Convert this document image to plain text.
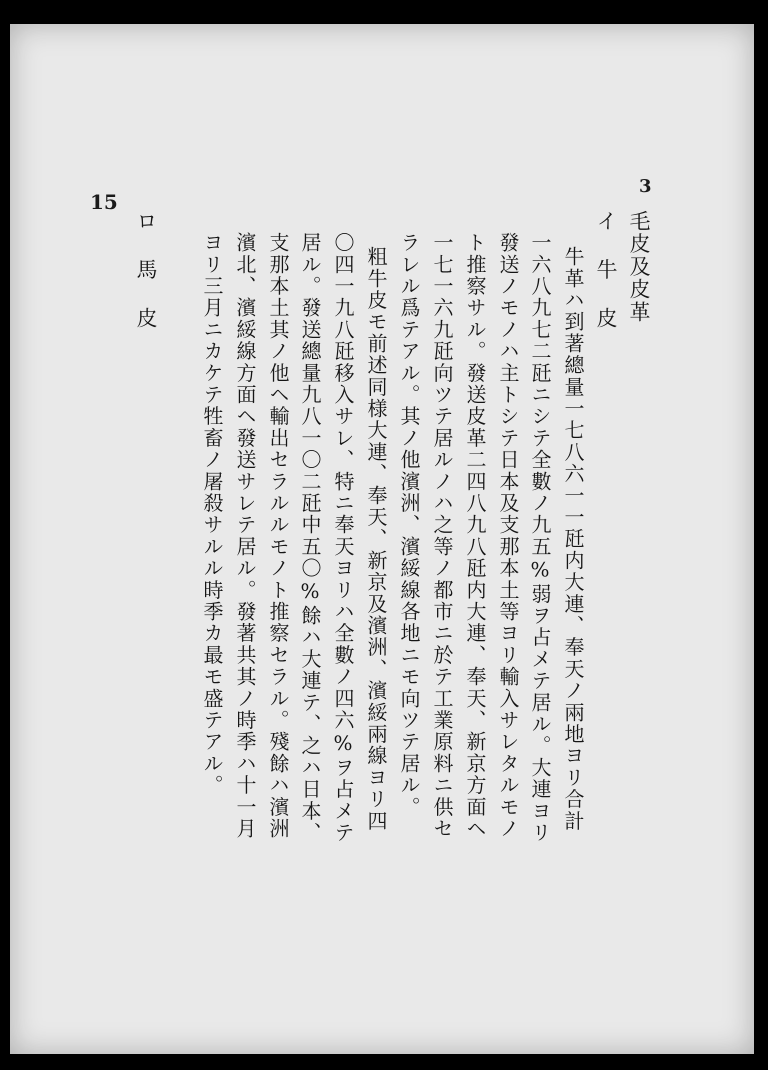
15
3
毛皮及皮革
イ 牛 皮
牛革ハ到著總量一七八六一一瓩内大連、奉天ノ兩地ヨリ合計
一六八九七二瓩ニシテ全數ノ九五%弱ヲ占メテ居ル。大連ヨリ
發送ノモノハ主トシテ日本及支那本土等ヨリ輸入サレタルモノ
ト推察サル。發送皮革二四八九八瓩内大連、奉天、新京方面ヘ
一七一六九瓩向ツテ居ルノハ之等ノ都市ニ於テ工業原料ニ供セ
ラレル爲テアル。其ノ他濱洲、濱綏線各地ニモ向ツテ居ル。
粗牛皮モ前述同様大連、奉天、新京及濱洲、濱綏兩線ヨリ四
〇四一九八瓩移入サレ、特ニ奉天ヨリハ全數ノ四六%ヲ占メテ
居ル。發送總量九八一〇二瓩中五〇%餘ハ大連テ、之ハ日本、
支那本土其ノ他ヘ輸出セラルルモノト推察セラル。殘餘ハ濱洲
濱北、濱綏線方面ヘ發送サレテ居ル。發著共其ノ時季ハ十一月
ヨリ三月ニカケテ牲畜ノ屠殺サルル時季カ最モ盛テアル。
ロ 馬 皮
